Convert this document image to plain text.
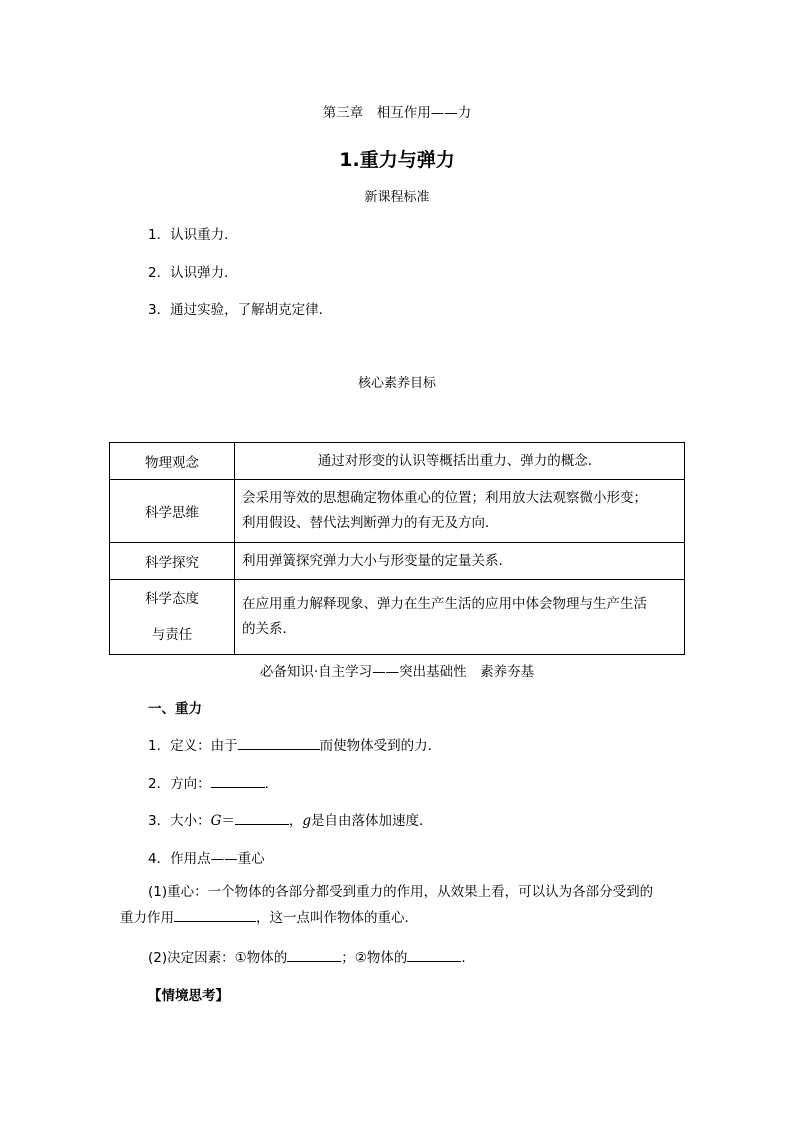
第三章　相互作用——力
1.重力与弹力
新课程标准
1．认识重力．
2．认识弹力．
3．通过实验，了解胡克定律．
核心素养目标
物理观念	通过对形变的认识等概括出重力、弹力的概念．
科学思维	会采用等效的思想确定物体重心的位置；利用放大法观察微小形变；
利用假设、替代法判断弹力的有无及方向．

科学探究	利用弹簧探究弹力大小与形变量的定量关系．

科学态度
与责任	在应用重力解释现象、弹力在生产生活的应用中体会物理与生产生活
的关系．
必备知识·自主学习——突出基础性　素养夯基
一、重力
1．定义：由于	而使物体受到的力．
2．方向：	．
3．大小：G＝	，g是自由落体加速度．
4．作用点——重心
(1)重心：一个物体的各部分都受到重力的作用，从效果上看，可以认为各部分受到的
重力作用	，这一点叫作物体的重心．
(2)决定因素：①物体的	；②物体的	．
【情境思考】
